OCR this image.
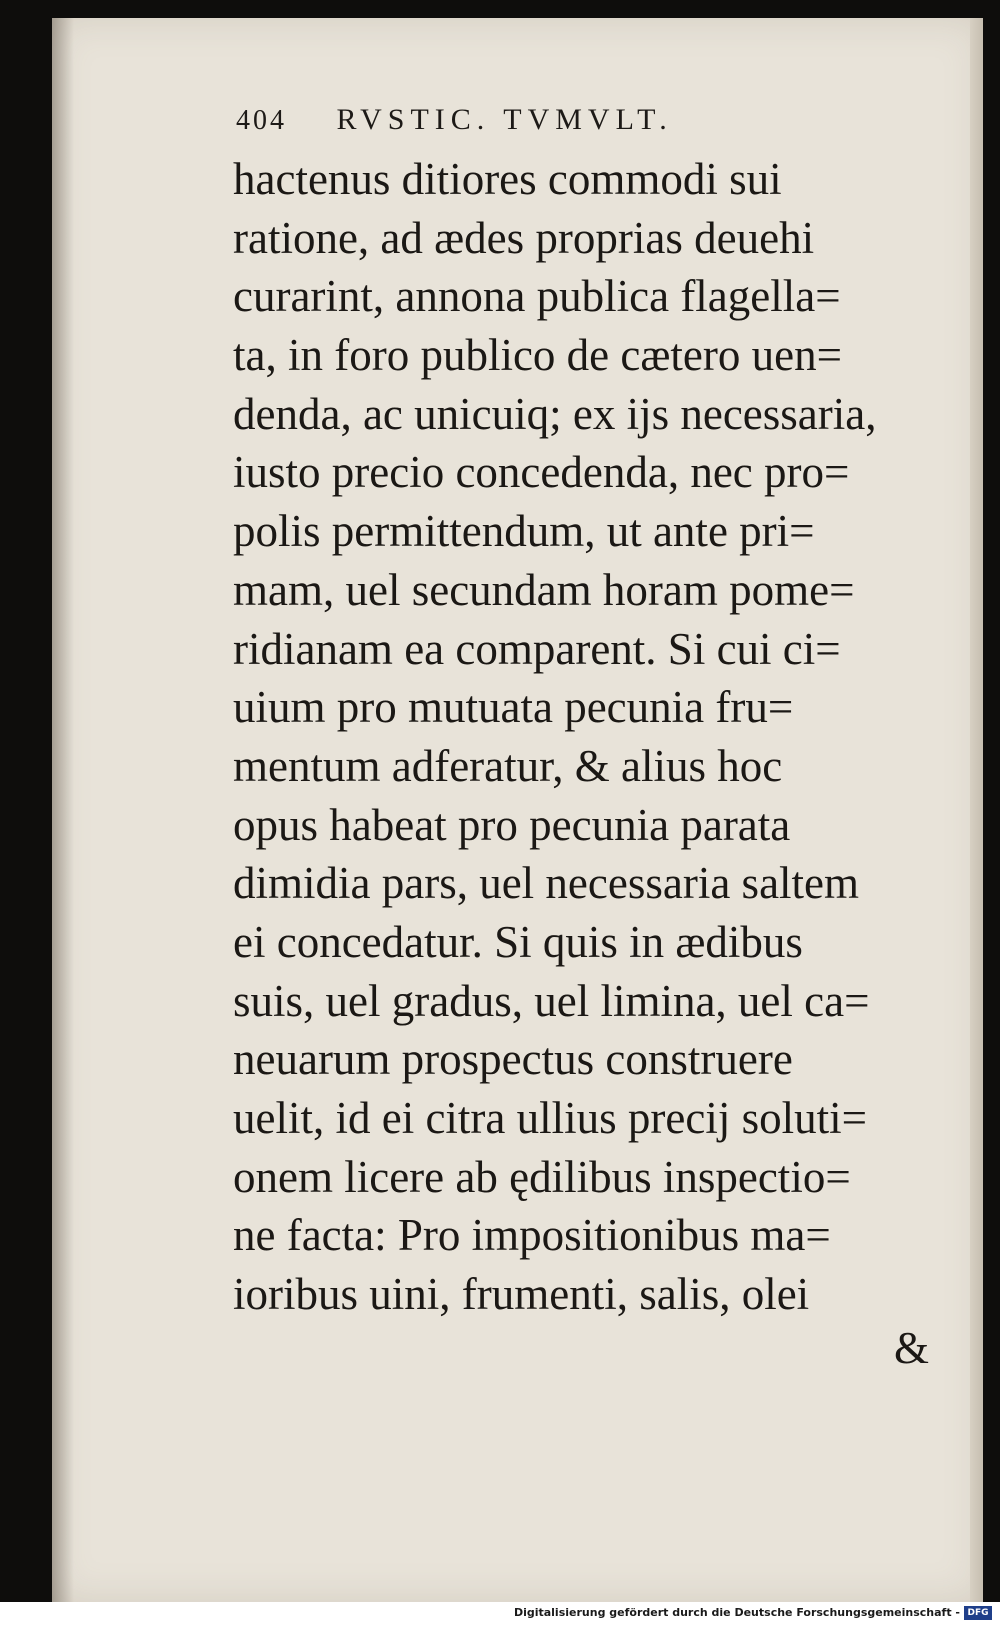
404 RVSTIC. TVMVLT.
hactenus ditiores commodi sui
ratione, ad ædes proprias deuehi
curarint, annona publica flagella=
ta, in foro publico de cætero uen=
denda, ac unicuiq; ex ijs necessaria,
iusto precio concedenda, nec pro=
polis permittendum, ut ante pri=
mam, uel secundam horam pome=
ridianam ea comparent. Si cui ci=
uium pro mutuata pecunia fru=
mentum adferatur, & alius hoc
opus habeat pro pecunia parata
dimidia pars, uel necessaria saltem
ei concedatur. Si quis in ædibus
suis, uel gradus, uel limina, uel ca=
neuarum prospectus construere
uelit, id ei citra ullius precij soluti=
onem licere ab ędilibus inspectio=
ne facta: Pro impositionibus ma=
ioribus uini, frumenti, salis, olei
&
Digitalisierung gefördert durch die Deutsche Forschungsgemeinschaft - DFG
